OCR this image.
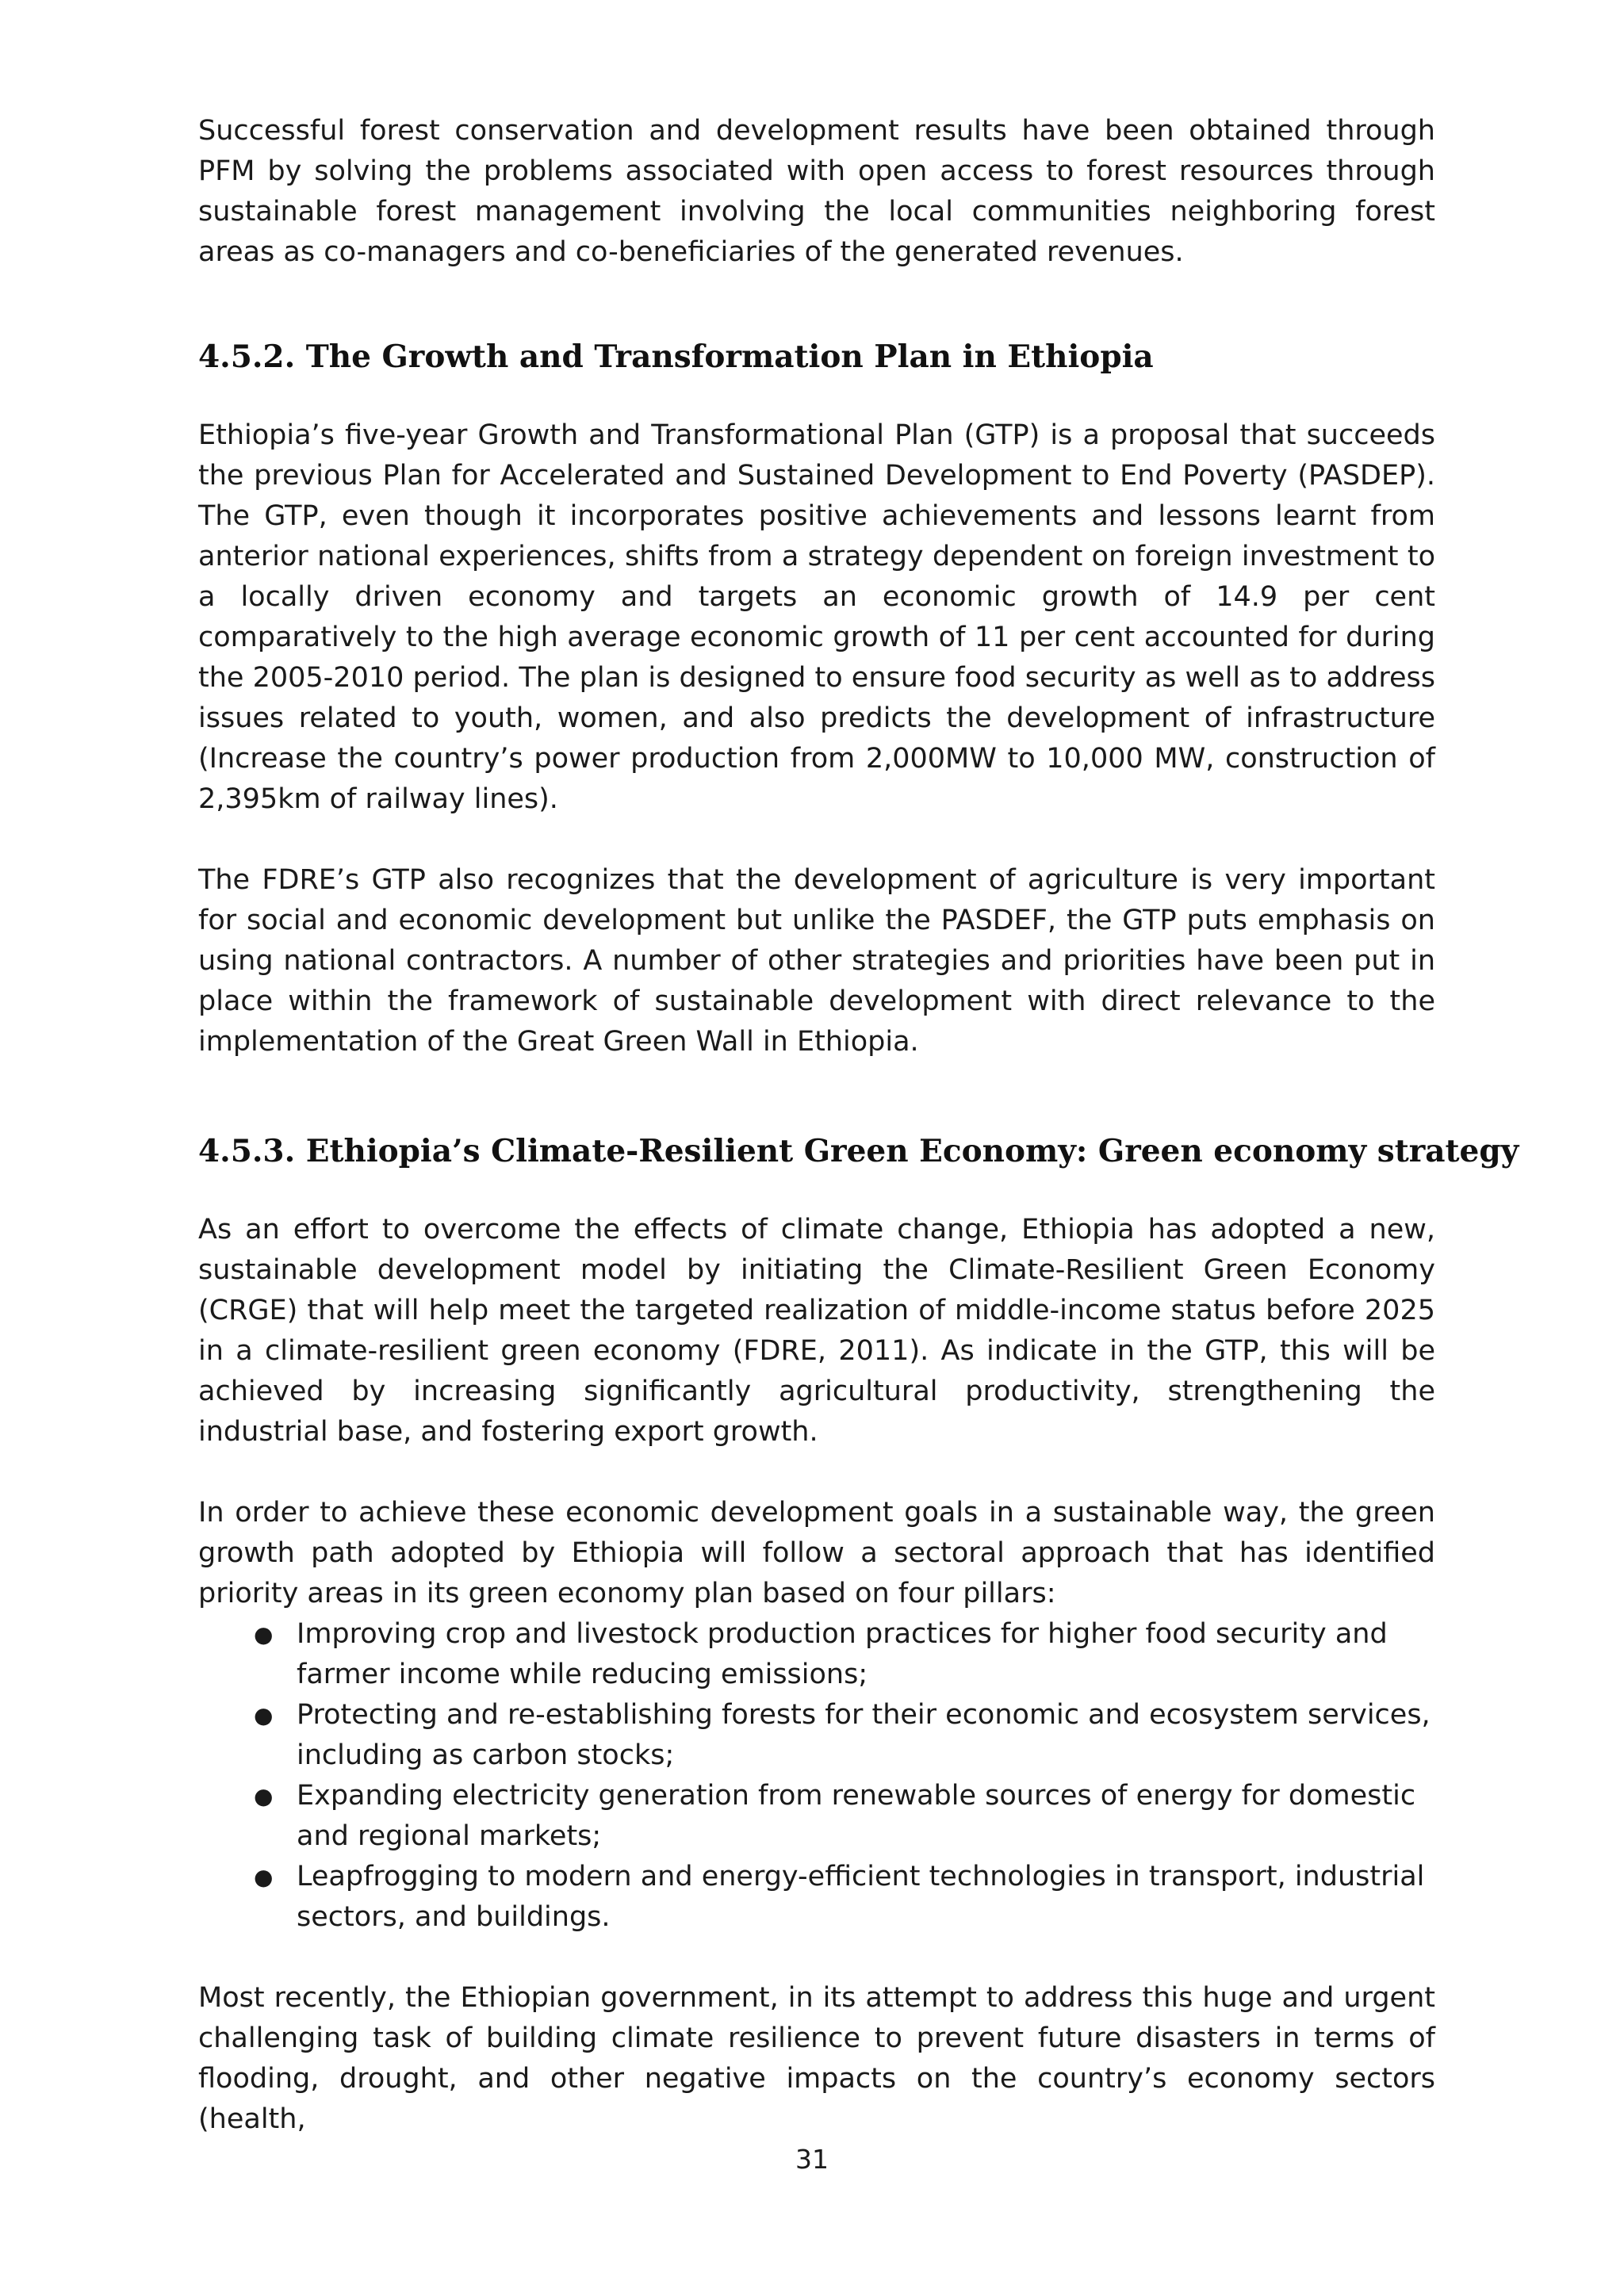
Successful forest conservation and development results have been obtained through PFM by solving the problems associated with open access to forest resources through sustainable forest management involving the local communities neighboring forest areas as co-managers and co-beneficiaries of the generated revenues.

4.5.2. The Growth and Transformation Plan in Ethiopia

Ethiopia’s five-year Growth and Transformational Plan (GTP) is a proposal that succeeds the previous Plan for Accelerated and Sustained Development to End Poverty (PASDEP). The GTP, even though it incorporates positive achievements and lessons learnt from anterior national experiences, shifts from a strategy dependent on foreign investment to a locally driven economy and targets an economic growth of 14.9 per cent comparatively to the high average economic growth of 11 per cent accounted for during the 2005-2010 period. The plan is designed to ensure food security as well as to address issues related to youth, women, and also predicts the development of infrastructure (Increase the country’s power production from 2,000MW to 10,000 MW, construction of 2,395km of railway lines).

The FDRE’s GTP also recognizes that the development of agriculture is very important for social and economic development but unlike the PASDEF, the GTP puts emphasis on using national contractors. A number of other strategies and priorities have been put in place within the framework of sustainable development with direct relevance to the implementation of the Great Green Wall in Ethiopia.

4.5.3. Ethiopia’s Climate-Resilient Green Economy: Green economy strategy

As an effort to overcome the effects of climate change, Ethiopia has adopted a new, sustainable development model by initiating the Climate-Resilient Green Economy (CRGE) that will help meet the targeted realization of middle-income status before 2025 in a climate-resilient green economy (FDRE, 2011). As indicate in the GTP, this will be achieved by increasing significantly agricultural productivity, strengthening the industrial base, and fostering export growth.

In order to achieve these economic development goals in a sustainable way, the green growth path adopted by Ethiopia will follow a sectoral approach that has identified priority areas in its green economy plan based on four pillars:

● Improving crop and livestock production practices for higher food security and farmer income while reducing emissions;
● Protecting and re-establishing forests for their economic and ecosystem services, including as carbon stocks;
● Expanding electricity generation from renewable sources of energy for domestic and regional markets;
● Leapfrogging to modern and energy-efficient technologies in transport, industrial sectors, and buildings.

Most recently, the Ethiopian government, in its attempt to address this huge and urgent challenging task of building climate resilience to prevent future disasters in terms of flooding, drought, and other negative impacts on the country’s economy sectors (health,

31
